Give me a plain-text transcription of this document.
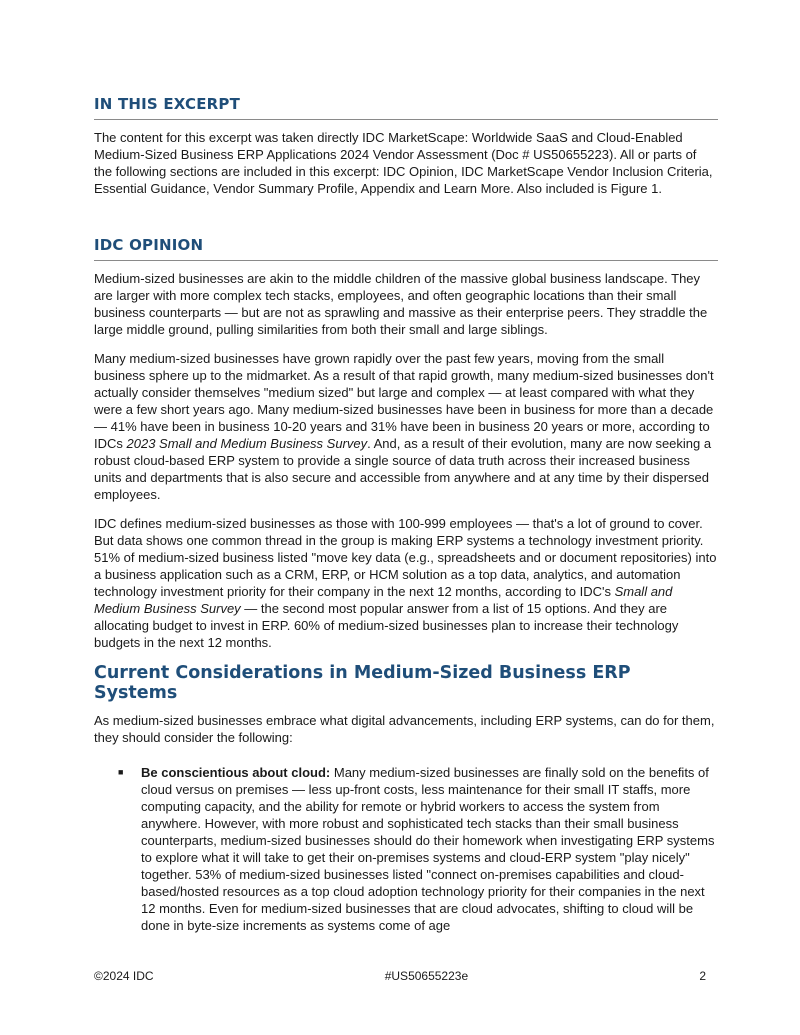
IN THIS EXCERPT

The content for this excerpt was taken directly IDC MarketScape: Worldwide SaaS and Cloud-Enabled Medium-Sized Business ERP Applications 2024 Vendor Assessment (Doc # US50655223). All or parts of the following sections are included in this excerpt: IDC Opinion, IDC MarketScape Vendor Inclusion Criteria, Essential Guidance, Vendor Summary Profile, Appendix and Learn More. Also included is Figure 1.

IDC OPINION

Medium-sized businesses are akin to the middle children of the massive global business landscape. They are larger with more complex tech stacks, employees, and often geographic locations than their small business counterparts — but are not as sprawling and massive as their enterprise peers. They straddle the large middle ground, pulling similarities from both their small and large siblings.

Many medium-sized businesses have grown rapidly over the past few years, moving from the small business sphere up to the midmarket. As a result of that rapid growth, many medium-sized businesses don't actually consider themselves "medium sized" but large and complex — at least compared with what they were a few short years ago. Many medium-sized businesses have been in business for more than a decade — 41% have been in business 10-20 years and 31% have been in business 20 years or more, according to IDCs 2023 Small and Medium Business Survey. And, as a result of their evolution, many are now seeking a robust cloud-based ERP system to provide a single source of data truth across their increased business units and departments that is also secure and accessible from anywhere and at any time by their dispersed employees.

IDC defines medium-sized businesses as those with 100-999 employees — that's a lot of ground to cover. But data shows one common thread in the group is making ERP systems a technology investment priority. 51% of medium-sized business listed "move key data (e.g., spreadsheets and or document repositories) into a business application such as a CRM, ERP, or HCM solution as a top data, analytics, and automation technology investment priority for their company in the next 12 months, according to IDC's Small and Medium Business Survey — the second most popular answer from a list of 15 options. And they are allocating budget to invest in ERP. 60% of medium-sized businesses plan to increase their technology budgets in the next 12 months.

Current Considerations in Medium-Sized Business ERP Systems

As medium-sized businesses embrace what digital advancements, including ERP systems, can do for them, they should consider the following:

■ Be conscientious about cloud: Many medium-sized businesses are finally sold on the benefits of cloud versus on premises — less up-front costs, less maintenance for their small IT staffs, more computing capacity, and the ability for remote or hybrid workers to access the system from anywhere. However, with more robust and sophisticated tech stacks than their small business counterparts, medium-sized businesses should do their homework when investigating ERP systems to explore what it will take to get their on-premises systems and cloud-ERP system "play nicely" together. 53% of medium-sized businesses listed "connect on-premises capabilities and cloud-based/hosted resources as a top cloud adoption technology priority for their companies in the next 12 months. Even for medium-sized businesses that are cloud advocates, shifting to cloud will be done in byte-size increments as systems come of age

©2024 IDC	#US50655223e	2
